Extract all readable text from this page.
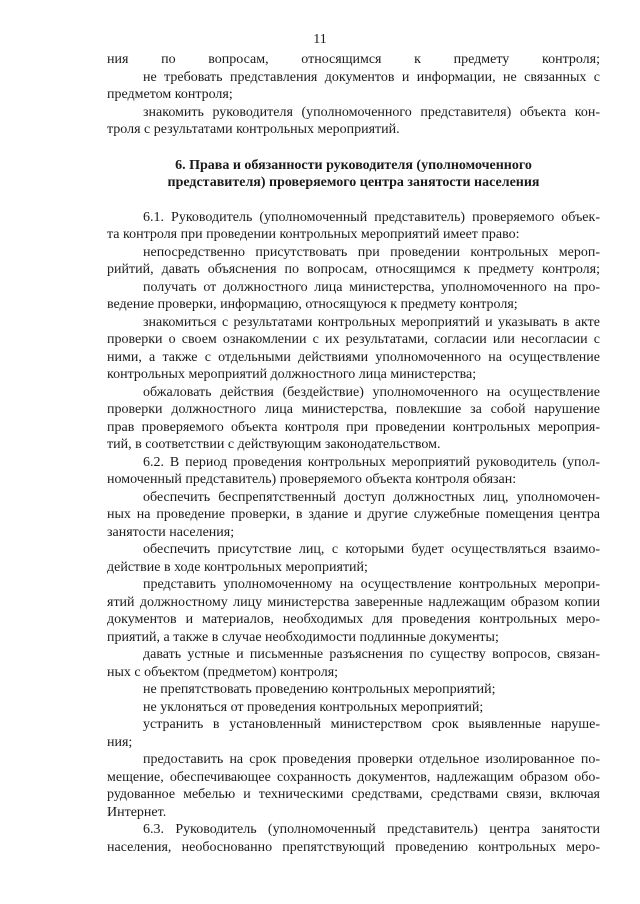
11
ния по вопросам, относящимся к предмету контроля;
не требовать представления документов и информации, не связанных с
предметом контроля;
знакомить руководителя (уполномоченного представителя) объекта кон-
троля с результатами контрольных мероприятий.
6. Права и обязанности руководителя (уполномоченного
представителя) проверяемого центра занятости населения
6.1. Руководитель (уполномоченный представитель) проверяемого объек-
та контроля при проведении контрольных мероприятий имеет право:
непосредственно присутствовать при проведении контрольных мероп-
рийтий, давать объяснения по вопросам, относящимся к предмету контроля;
получать от должностного лица министерства, уполномоченного на про-
ведение проверки, информацию, относящуюся к предмету контроля;
знакомиться с результатами контрольных мероприятий и указывать в акте
проверки о своем ознакомлении с их результатами, согласии или несогласии с
ними, а также с отдельными действиями уполномоченного на осуществление
контрольных мероприятий должностного лица министерства;
обжаловать действия (бездействие) уполномоченного на осуществление
проверки должностного лица министерства, повлекшие за собой нарушение
прав проверяемого объекта контроля при проведении контрольных мероприя-
тий, в соответствии с действующим законодательством.
6.2. В период проведения контрольных мероприятий руководитель (упол-
номоченный представитель) проверяемого объекта контроля обязан:
обеспечить беспрепятственный доступ должностных лиц, уполномочен-
ных на проведение проверки, в здание и другие служебные помещения центра
занятости населения;
обеспечить присутствие лиц, с которыми будет осуществляться взаимо-
действие в ходе контрольных мероприятий;
представить уполномоченному на осуществление контрольных меропри-
ятий должностному лицу министерства заверенные надлежащим образом копии
документов и материалов, необходимых для проведения контрольных меро-
приятий, а также в случае необходимости подлинные документы;
давать устные и письменные разъяснения по существу вопросов, связан-
ных с объектом (предметом) контроля;
не препятствовать проведению контрольных мероприятий;
не уклоняться от проведения контрольных мероприятий;
устранить в установленный министерством срок выявленные наруше-
ния;
предоставить на срок проведения проверки отдельное изолированное по-
мещение, обеспечивающее сохранность документов, надлежащим образом обо-
рудованное мебелью и техническими средствами, средствами связи, включая
Интернет.
6.3. Руководитель (уполномоченный представитель) центра занятости
населения, необоснованно препятствующий проведению контрольных меро-
